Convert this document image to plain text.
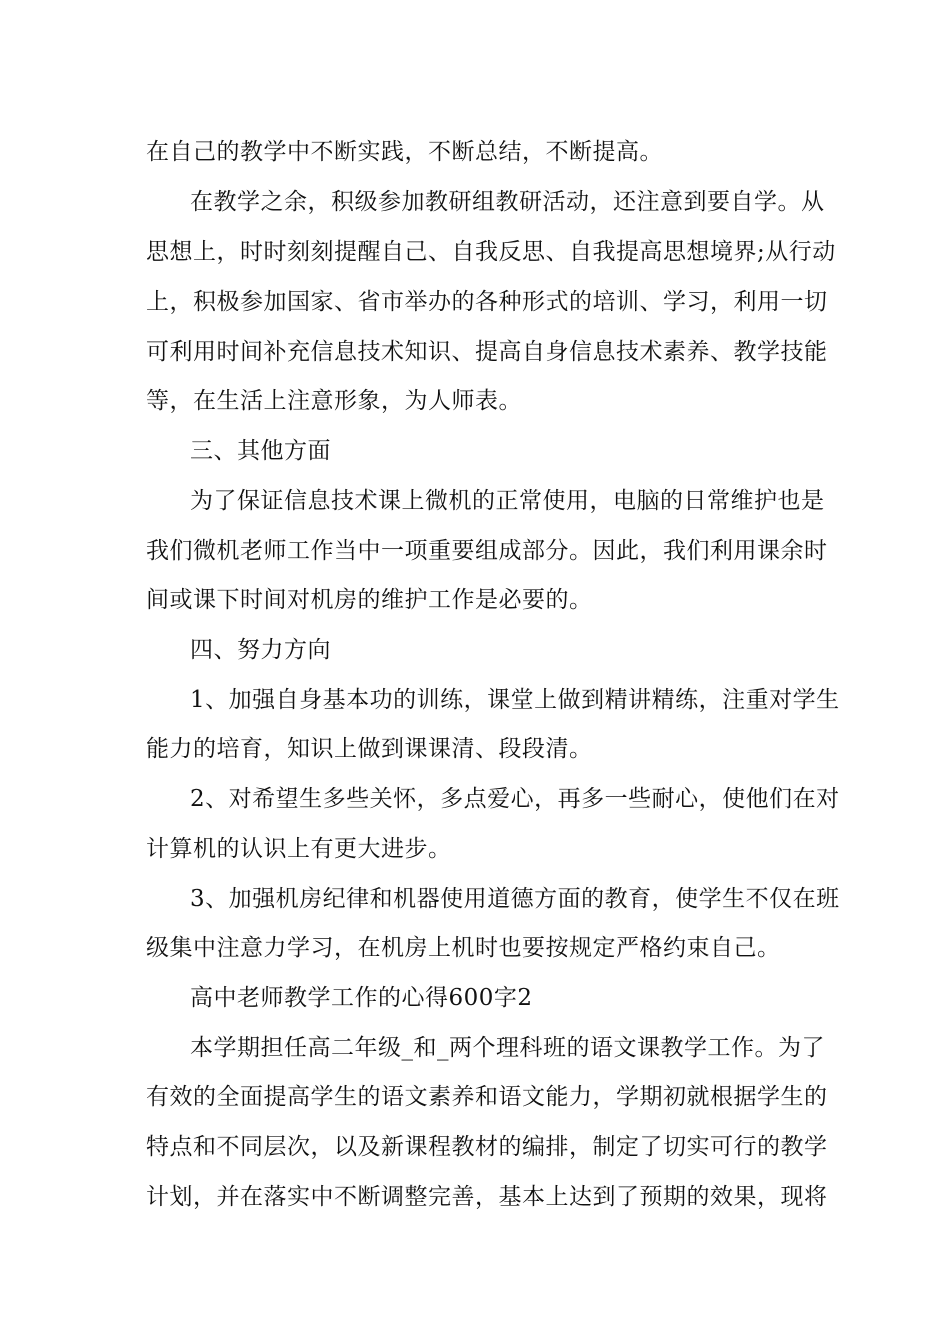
在自己的教学中不断实践，不断总结，不断提高。
在教学之余，积级参加教研组教研活动，还注意到要自学。从
思想上，时时刻刻提醒自己、自我反思、自我提高思想境界;从行动
上，积极参加国家、省市举办的各种形式的培训、学习，利用一切
可利用时间补充信息技术知识、提高自身信息技术素养、教学技能
等，在生活上注意形象，为人师表。
三、其他方面
为了保证信息技术课上微机的正常使用，电脑的日常维护也是
我们微机老师工作当中一项重要组成部分。因此，我们利用课余时
间或课下时间对机房的维护工作是必要的。
四、努力方向
1、加强自身基本功的训练，课堂上做到精讲精练，注重对学生
能力的培育，知识上做到课课清、段段清。
2、对希望生多些关怀，多点爱心，再多一些耐心，使他们在对
计算机的认识上有更大进步。
3、加强机房纪律和机器使用道德方面的教育，使学生不仅在班
级集中注意力学习，在机房上机时也要按规定严格约束自己。
高中老师教学工作的心得600字2
本学期担任高二年级_和_两个理科班的语文课教学工作。为了
有效的全面提高学生的语文素养和语文能力，学期初就根据学生的
特点和不同层次，以及新课程教材的编排，制定了切实可行的教学
计划，并在落实中不断调整完善，基本上达到了预期的效果，现将
